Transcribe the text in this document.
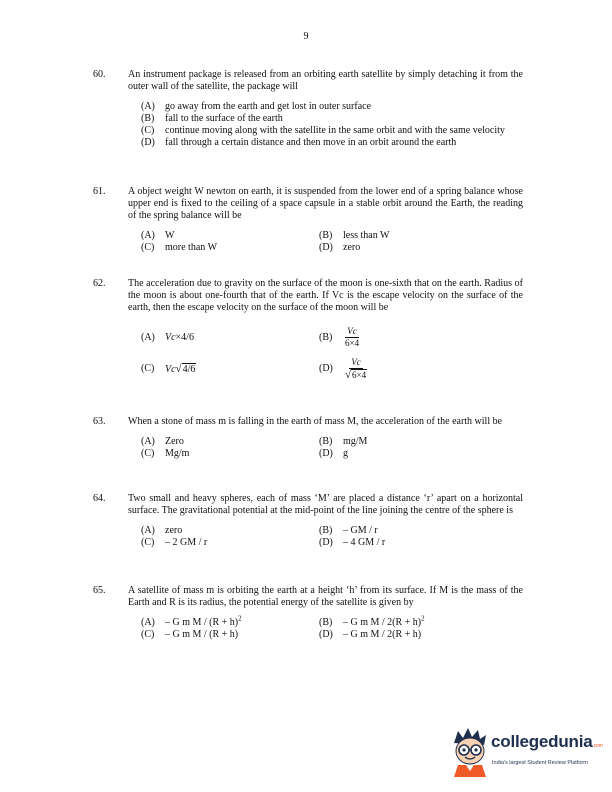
9
60. An instrument package is released from an orbiting earth satellite by simply detaching it from the outer wall of the satellite, the package will
(A)	go away from the earth and get lost in outer surface
(B)	fall to the surface of the earth
(C)	continue moving along with the satellite in the same orbit and with the same velocity
(D)	fall through a certain distance and then move in an orbit around the earth
61. A object weight W newton on earth, it is suspended from the lower end of a spring balance whose upper end is fixed to the ceiling of a space capsule in a stable orbit around the Earth, the reading of the spring balance will be
(A)	W	(B)	less than W
(C)	more than W	(D)	zero
62. The acceleration due to gravity on the surface of the moon is one-sixth that on the earth. Radius of the moon is about one-fourth that of the earth. If Vc is the escape velocity on the surface of the earth, then the escape velocity on the surface of the moon will be
(A)	Vc×4/6	(B)	$\frac{Vc}{6\times 4}$
(C)	Vc√4/6	(D)	$\frac{Vc}{√6\times 4}$
63. When a stone of mass m is falling in the earth of mass M, the acceleration of the earth will be
(A)	Zero	(B)	mg/M
(C)	Mg/m	(D)	g
64. Two small and heavy spheres, each of mass ‘M’ are placed a distance ‘r’ apart on a horizontal surface. The gravitational potential at the mid-point of the line joining the centre of the sphere is
(A)	zero	(B)	– GM / r
(C)	– 2 GM / r	(D)	– 4 GM / r
65. A satellite of mass m is orbiting the earth at a height ‘h’ from its surface. If M is the mass of the Earth and R is its radius, the potential energy of the satellite is given by
(A)	– G m $M / (R + h)^2$	(B)	– G m $M / 2(R + h)^2$
(C)	– G m M / (R + h)	(D)	– G m M / 2(R + h)
collegedunia.com
India's largest Student Review Platform
